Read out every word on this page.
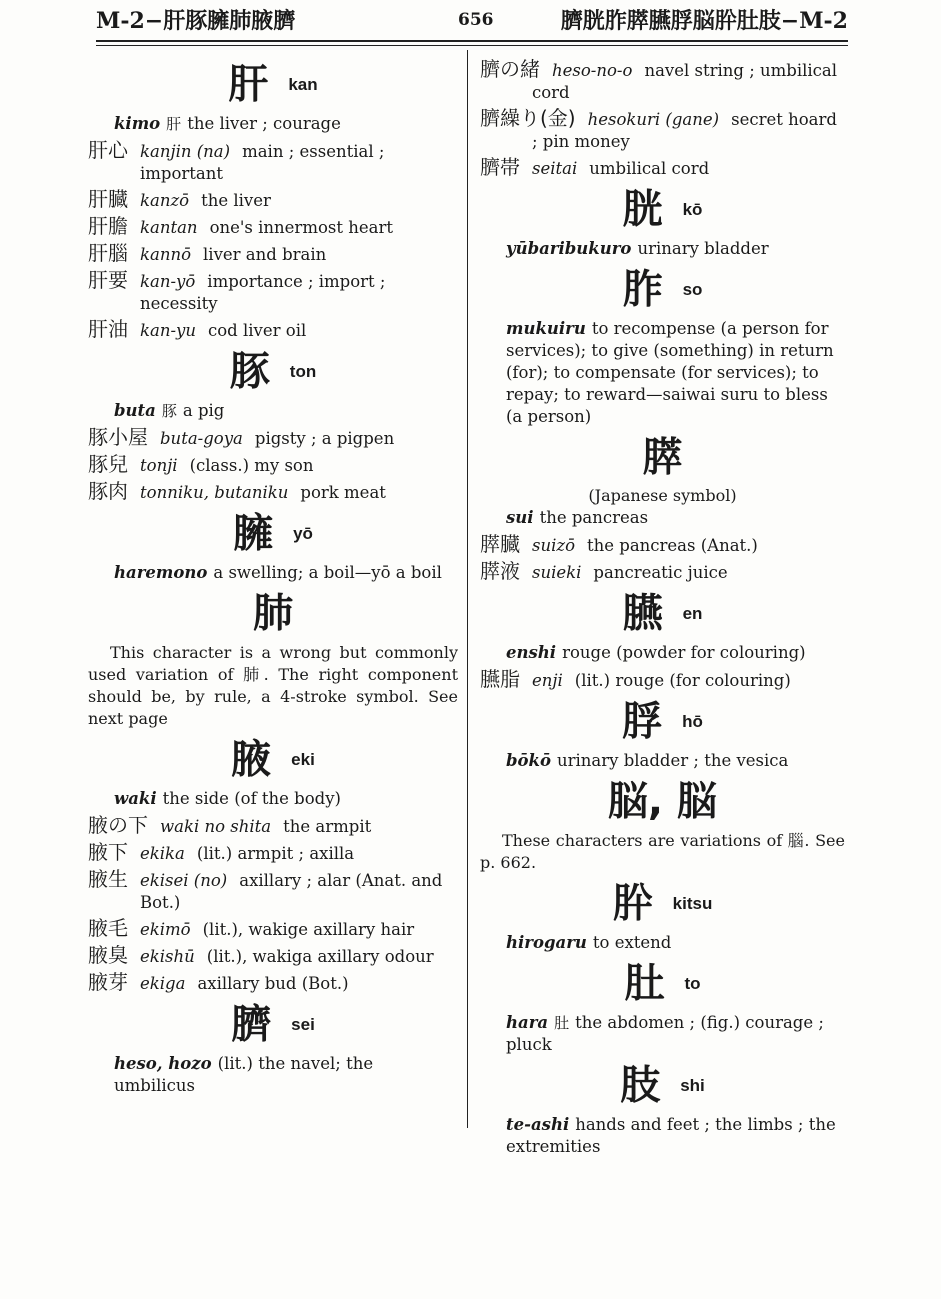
M-2−肝豚臃肺腋臍	656	臍胱胙膵臙脬脳肸肚肢−M-2
肝 kan
kimo 肝 the liver ; courage
肝心 kanjin (na) main ; essential ; important
肝臓 kanzō the liver
肝膽 kantan one's innermost heart
肝腦 kannō liver and brain
肝要 kan-yō importance ; import ; necessity
肝油 kan-yu cod liver oil
豚 ton
buta 豚 a pig
豚小屋 buta-goya pigsty ; a pigpen
豚兒 tonji (class.) my son
豚肉 tonniku, butaniku pork meat
臃 yō
haremono a swelling; a boil—yō a boil
肺
This character is a wrong but commonly used variation of 肺. The right component should be, by rule, a 4-stroke symbol. See next page
腋 eki
waki the side (of the body)
腋の下 waki no shita the armpit
腋下 ekika (lit.) armpit ; axilla
腋生 ekisei (no) axillary ; alar (Anat. and Bot.)
腋毛 ekimō (lit.), wakige axillary hair
腋臭 ekishū (lit.), wakiga axillary odour
腋芽 ekiga axillary bud (Bot.)
臍 sei
heso, hozo (lit.) the navel; the umbilicus
臍の緒 heso-no-o navel string ; umbilical cord
臍繰り(金) hesokuri (gane) secret hoard ; pin money
臍帯 seitai umbilical cord
胱 kō
yūbaribukuro urinary bladder
胙 so
mukuiru to recompense (a person for services); to give (something) in return (for); to compensate (for services); to repay; to reward—saiwai suru to bless (a person)
膵
(Japanese symbol)
sui the pancreas
膵臓 suizō the pancreas (Anat.)
膵液 suieki pancreatic juice
臙 en
enshi rouge (powder for colouring)
臙脂 enji (lit.) rouge (for colouring)
脬 hō
bōkō urinary bladder ; the vesica
脳, 脳
These characters are variations of 腦. See p. 662.
肸 kitsu
hirogaru to extend
肚 to
hara 肚 the abdomen ; (fig.) courage ; pluck
肢 shi
te-ashi hands and feet ; the limbs ; the extremities
